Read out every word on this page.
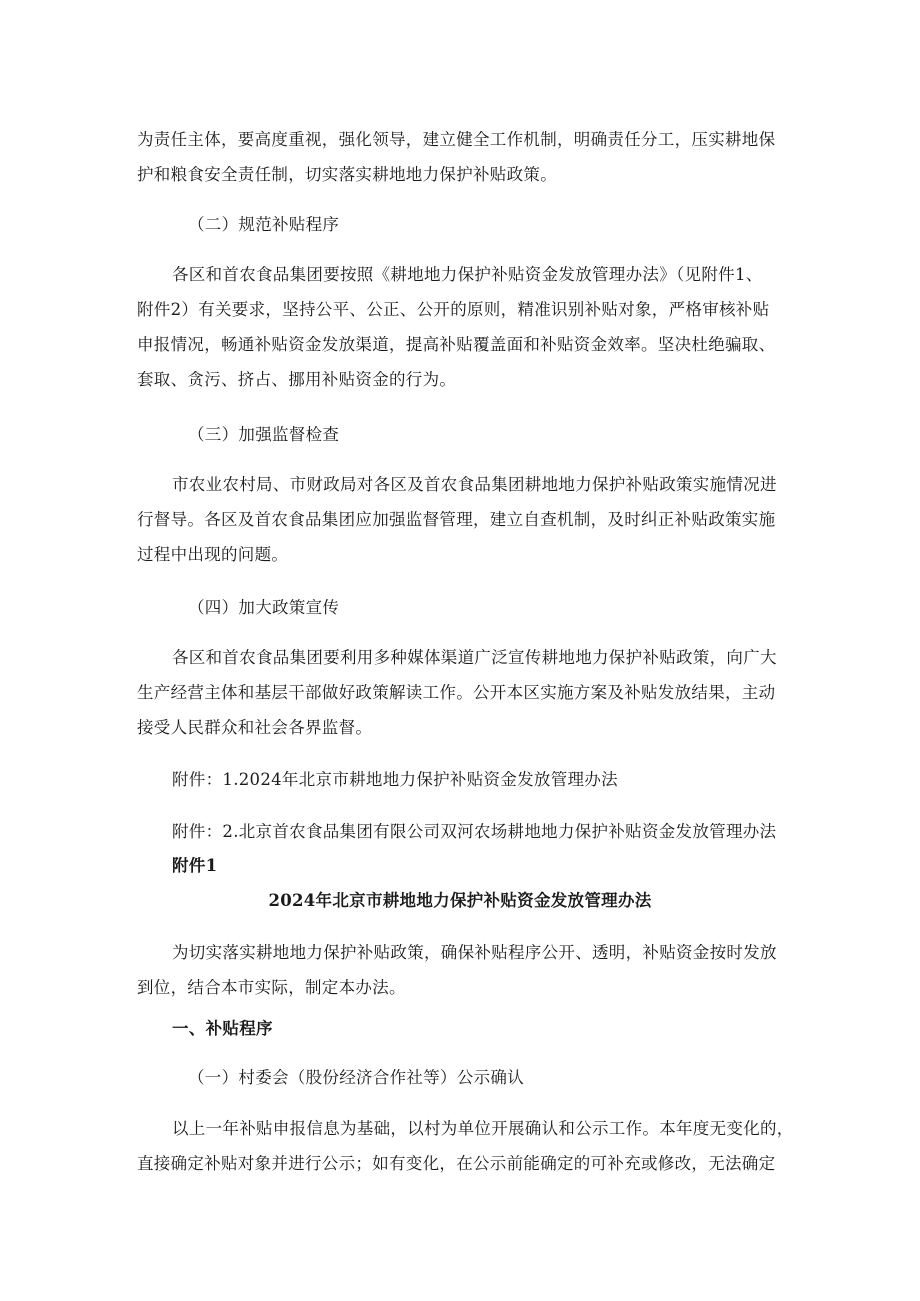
为责任主体，要高度重视，强化领导，建立健全工作机制，明确责任分工，压实耕地保
护和粮食安全责任制，切实落实耕地地力保护补贴政策。
（二）规范补贴程序
各区和首农食品集团要按照《耕地地力保护补贴资金发放管理办法》（见附件1、
附件2）有关要求，坚持公平、公正、公开的原则，精准识别补贴对象，严格审核补贴
申报情况，畅通补贴资金发放渠道，提高补贴覆盖面和补贴资金效率。坚决杜绝骗取、
套取、贪污、挤占、挪用补贴资金的行为。
（三）加强监督检查
市农业农村局、市财政局对各区及首农食品集团耕地地力保护补贴政策实施情况进
行督导。各区及首农食品集团应加强监督管理，建立自查机制，及时纠正补贴政策实施
过程中出现的问题。
（四）加大政策宣传
各区和首农食品集团要利用多种媒体渠道广泛宣传耕地地力保护补贴政策，向广大
生产经营主体和基层干部做好政策解读工作。公开本区实施方案及补贴发放结果，主动
接受人民群众和社会各界监督。
附件：1.2024年北京市耕地地力保护补贴资金发放管理办法
附件：2.北京首农食品集团有限公司双河农场耕地地力保护补贴资金发放管理办法
附件1
2024年北京市耕地地力保护补贴资金发放管理办法
为切实落实耕地地力保护补贴政策，确保补贴程序公开、透明，补贴资金按时发放
到位，结合本市实际，制定本办法。
一、补贴程序
（一）村委会（股份经济合作社等）公示确认
以上一年补贴申报信息为基础，以村为单位开展确认和公示工作。本年度无变化的，
直接确定补贴对象并进行公示；如有变化，在公示前能确定的可补充或修改，无法确定
